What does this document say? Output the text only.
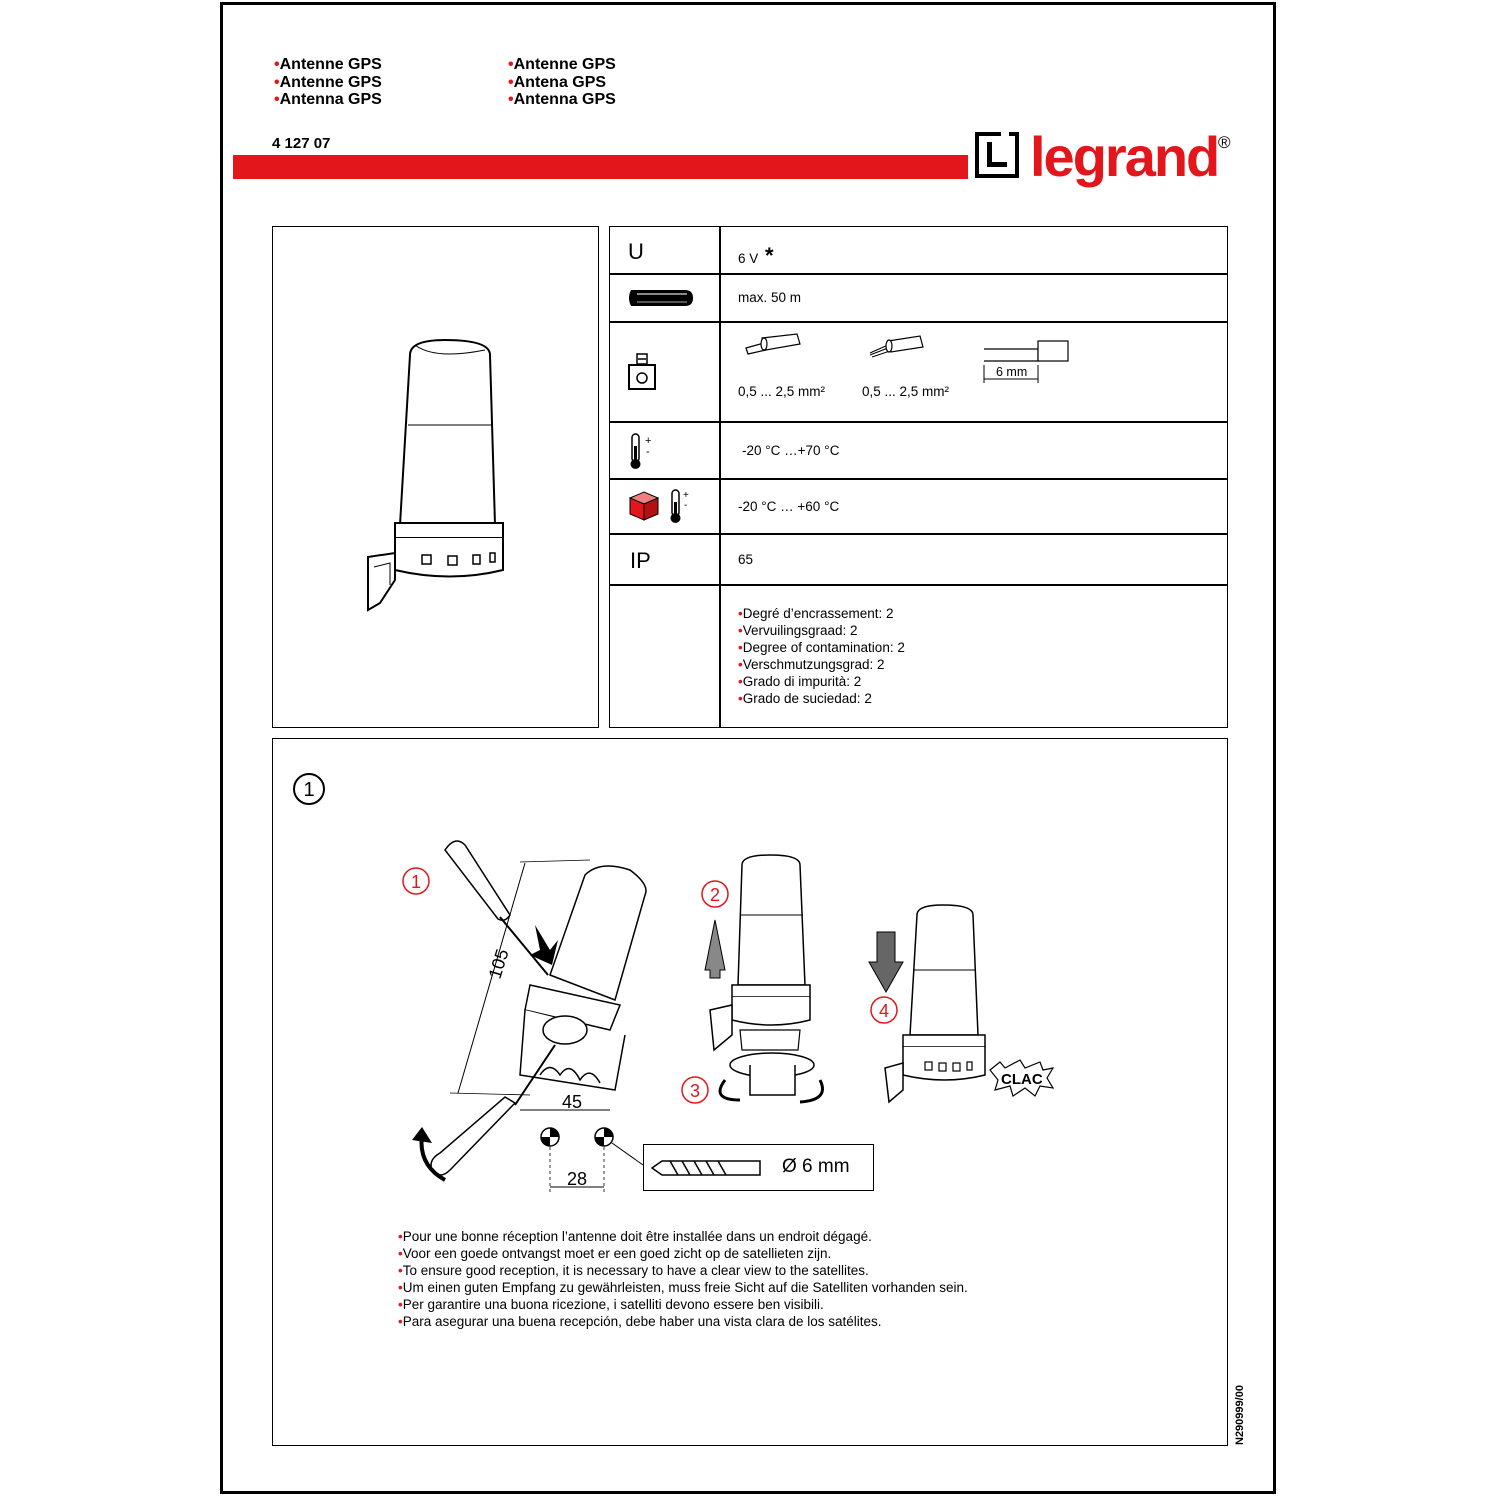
• Antenne GPS
• Antenne GPS
• Antenna GPS
• Antenne GPS
• Antena GPS
• Antenna GPS
4 127 07	legrand ®
U	6 V *
max. 50 m
0,5 ... 2,5 mm²	0,5 ... 2,5 mm²
6 mm
+
-	-20 °C …+70 °C
+
-	-20 °C … +60 °C
IP	65
• Degré d’encrassement: 2
• Vervuilingsgraad: 2
• Degree of contamination: 2
• Verschmutzungsgrad: 2
• Grado di impurità: 2
• Grado de suciedad: 2
1
1
105
45
28
Ø 6 mm
2
3
4
CLAC
• Pour une bonne réception l’antenne doit être installée dans un endroit dégagé.
• Voor een goede ontvangst moet er een goed zicht op de satellieten zijn.
• To ensure good reception, it is necessary to have a clear view to the satellites.
• Um einen guten Empfang zu gewährleisten, muss freie Sicht auf die Satelliten vorhanden sein.
• Per garantire una buona ricezione, i satelliti devono essere ben visibili.
• Para asegurar una buena recepción, debe haber una vista clara de los satélites.
N290999/00
